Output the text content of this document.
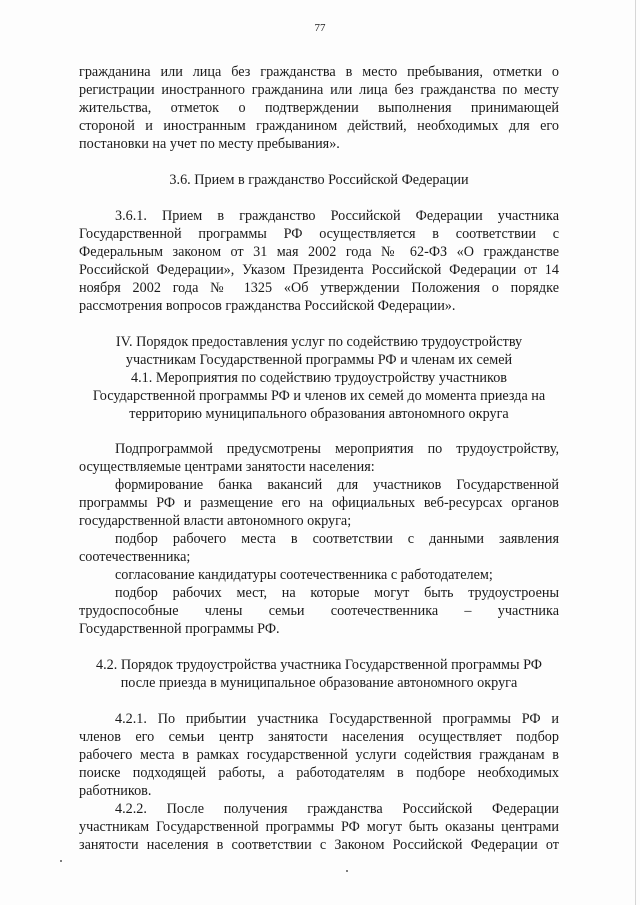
77
гражданина или лица без гражданства в место пребывания, отметки о
регистрации иностранного гражданина или лица без гражданства по месту
жительства, отметок о подтверждении выполнения принимающей
стороной и иностранным гражданином действий, необходимых для его
постановки на учет по месту пребывания».
3.6. Прием в гражданство Российской Федерации
3.6.1. Прием в гражданство Российской Федерации участника
Государственной программы РФ осуществляется в соответствии с
Федеральным законом от 31 мая 2002 года № 62-ФЗ «О гражданстве
Российской Федерации», Указом Президента Российской Федерации от 14
ноября 2002 года № 1325 «Об утверждении Положения о порядке
рассмотрения вопросов гражданства Российской Федерации».
IV. Порядок предоставления услуг по содействию трудоустройству
участникам Государственной программы РФ и членам их семей
4.1. Мероприятия по содействию трудоустройству участников
Государственной программы РФ и членов их семей до момента приезда на
территорию муниципального образования автономного округа
Подпрограммой предусмотрены мероприятия по трудоустройству,
осуществляемые центрами занятости населения:
формирование банка вакансий для участников Государственной
программы РФ и размещение его на официальных веб-ресурсах органов
государственной власти автономного округа;
подбор рабочего места в соответствии с данными заявления
соотечественника;
согласование кандидатуры соотечественника с работодателем;
подбор рабочих мест, на которые могут быть трудоустроены
трудоспособные члены семьи соотечественника – участника
Государственной программы РФ.
4.2. Порядок трудоустройства участника Государственной программы РФ
после приезда в муниципальное образование автономного округа
4.2.1. По прибытии участника Государственной программы РФ и
членов его семьи центр занятости населения осуществляет подбор
рабочего места в рамках государственной услуги содействия гражданам в
поиске подходящей работы, а работодателям в подборе необходимых
работников.
4.2.2. После получения гражданства Российской Федерации
участникам Государственной программы РФ могут быть оказаны центрами
занятости населения в соответствии с Законом Российской Федерации от
